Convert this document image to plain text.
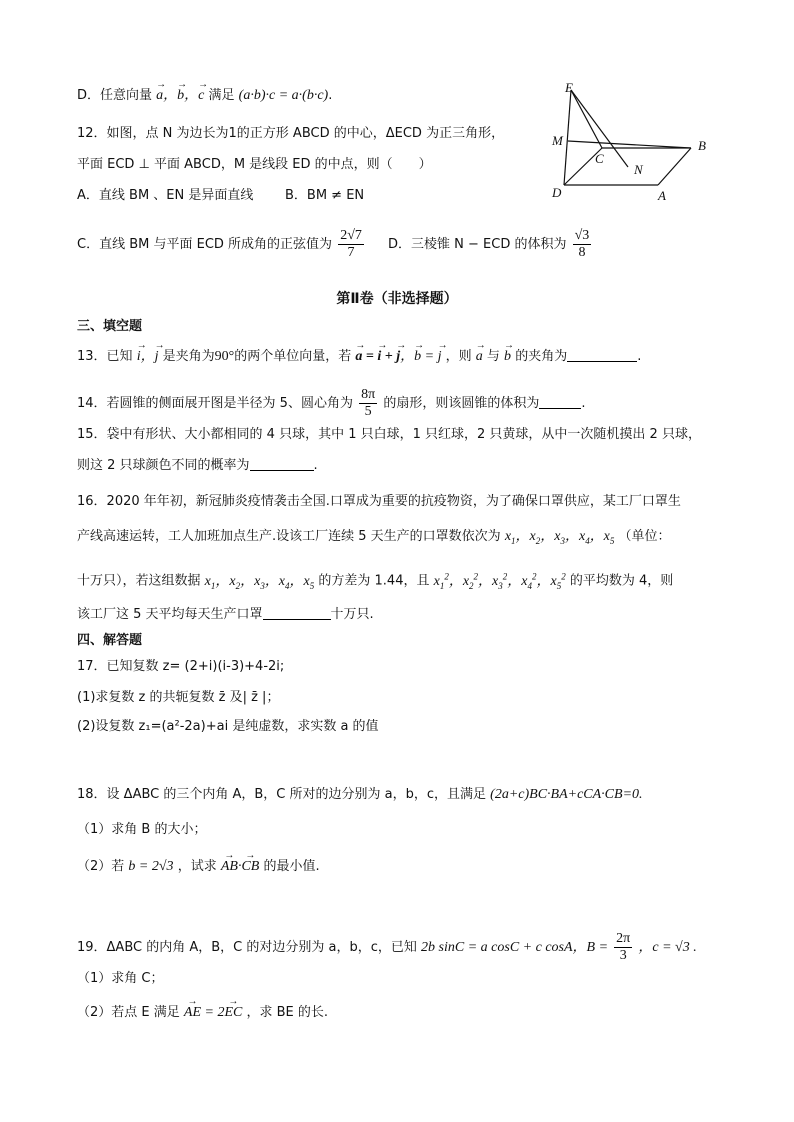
D．任意向量 → a，→ b，→ c 满足 (a·b)·c = a·(b·c).
12．如图，点 N 为边长为1的正方形 ABCD 的中心，ΔECD 为正三角形，
平面 ECD ⊥ 平面 ABCD，M 是线段 ED 的中点，则（　　）
A．直线 BM 、EN 是异面直线 B．BM ≠ EN
C．直线 BM 与平面 ECD 所成角的正弦值为 $\frac{2√7}{7}$ D．三棱锥 N − ECD 的体积为 $\frac{√3}{8}$
E
M
C
N
B
D	A
第Ⅱ卷（非选择题）
三、填空题
13．已知 → i，→ j 是夹角为90°的两个单位向量，若 → a = → i + → j，→ b = → j ，则 → a 与 → b 的夹角为	.
14．若圆锥的侧面展开图是半径为 5、圆心角为 $\frac{8\pi}{5}$ 的扇形，则该圆锥的体积为	.
15．袋中有形状、大小都相同的 4 只球，其中 1 只白球，1 只红球，2 只黄球，从中一次随机摸出 2 只球，
则这 2 只球颜色不同的概率为	.
16．2020 年年初，新冠肺炎疫情袭击全国.口罩成为重要的抗疫物资，为了确保口罩供应，某工厂口罩生
产线高速运转，工人加班加点生产.设该工厂连续 5 天生产的口罩数依次为 $x_1$，$x_2$，$x_3$，$x_4$，$x_5$ （单位：
十万只），若这组数据 $x_1$，$x_2$，$x_3$，$x_4$，$x_5$ 的方差为 1.44，且 $x_1^2$，$x_2^2$，$x_3^2$，$x_4^2$，$x_5^2$ 的平均数为 4，则
该工厂这 5 天平均每天生产口罩	十万只.
四、解答题
17．已知复数 z= (2+i)(i-3)+4-2i;
(1)求复数 z 的共轭复数 z̄ 及| z̄ |；
(2)设复数 z₁=(a²-2a)+ai 是纯虚数，求实数 a 的值
18．设 ΔABC 的三个内角 A，B，C 所对的边分别为 a，b，c，且满足 (2a+c)BC·BA+cCA·CB=0.
（1）求角 B 的大小；
（2）若 b = 2√3 ，试求 → AB·→ CB 的最小值.
19．ΔABC 的内角 A，B，C 的对边分别为 a，b，c，已知 2b sinC = a cosC + c cosA，$B = \frac{2\pi}{3}$ ，c = √3 .
（1）求角 C；
（2）若点 E 满足 → AE = 2→ EC ，求 BE 的长.
